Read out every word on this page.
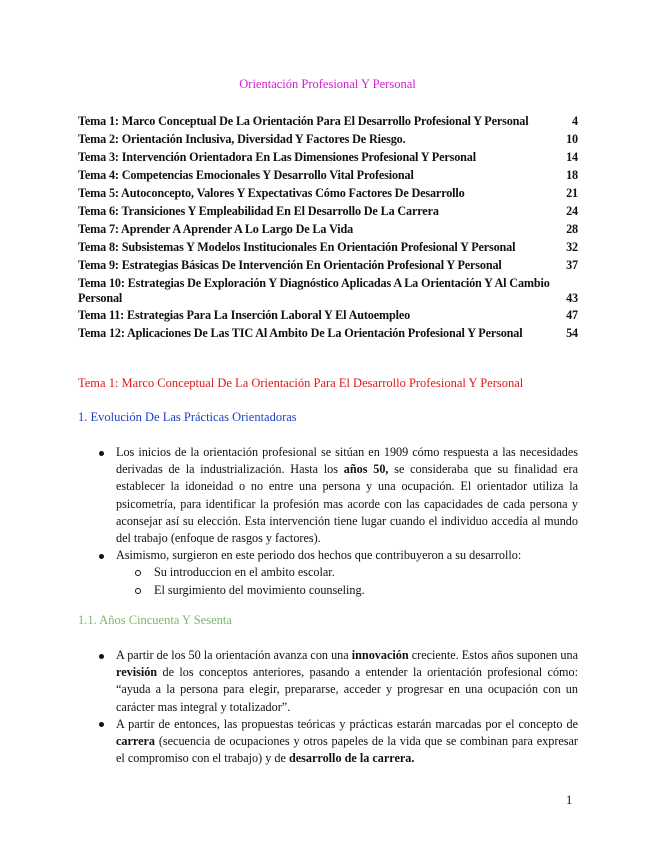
Orientación Profesional Y Personal
Tema 1: Marco Conceptual De La Orientación Para El Desarrollo Profesional Y Personal	4
Tema 2: Orientación Inclusiva, Diversidad Y Factores De Riesgo.	10
Tema 3: Intervención Orientadora En Las Dimensiones Profesional Y Personal	14
Tema 4: Competencias Emocionales Y Desarrollo Vital Profesional	18
Tema 5: Autoconcepto, Valores Y Expectativas Cómo Factores De Desarrollo	21
Tema 6: Transiciones Y Empleabilidad En El Desarrollo De La Carrera	24
Tema 7: Aprender A Aprender A Lo Largo De La Vida	28
Tema 8: Subsistemas Y Modelos Institucionales En Orientación Profesional Y Personal	32
Tema 9: Estrategias Básicas De Intervención En Orientación Profesional Y Personal	37
Tema 10: Estrategias De Exploración Y Diagnóstico Aplicadas A La Orientación Y Al Cambio Personal	43
Tema 11: Estrategias Para La Inserción Laboral Y El Autoempleo	47
Tema 12: Aplicaciones De Las TIC Al Ambito De La Orientación Profesional Y Personal	54
Tema 1: Marco Conceptual De La Orientación Para El Desarrollo Profesional Y Personal
1. Evolución De Las Prácticas Orientadoras
Los inicios de la orientación profesional se sitúan en 1909 cómo respuesta a las necesidades derivadas de la industrialización. Hasta los años 50, se consideraba que su finalidad era establecer la idoneidad o no entre una persona y una ocupación. El orientador utiliza la psicometría, para identificar la profesión mas acorde con las capacidades de cada persona y aconsejar así su elección. Esta intervención tiene lugar cuando el individuo accedía al mundo del trabajo (enfoque de rasgos y factores).
Asimismo, surgieron en este periodo dos hechos que contribuyeron a su desarrollo:
Su introduccion en el ambito escolar.
El surgimiento del movimiento counseling.
1.1. Años Cincuenta Y Sesenta
A partir de los 50 la orientación avanza con una innovación creciente. Estos años suponen una revisión de los conceptos anteriores, pasando a entender la orientación profesional cómo: “ayuda a la persona para elegir, prepararse, acceder y progresar en una ocupación con un carácter mas integral y totalizador”.
A partir de entonces, las propuestas teóricas y prácticas estarán marcadas por el concepto de carrera (secuencia de ocupaciones y otros papeles de la vida que se combinan para expresar el compromiso con el trabajo) y de desarrollo de la carrera.
1
